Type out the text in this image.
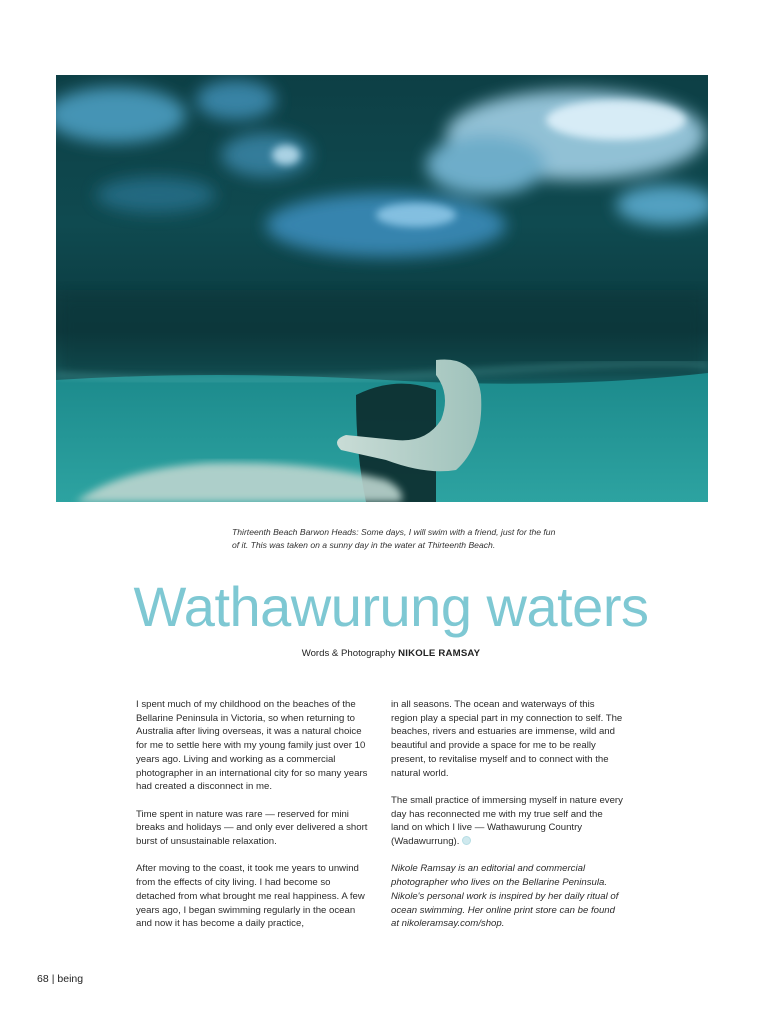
Thirteenth Beach Barwon Heads: Some days, I will swim with a friend, just for the fun of it. This was taken on a sunny day in the water at Thirteenth Beach.
Wathawurung waters
Words & Photography NIKOLE RAMSAY

I spent much of my childhood on the beaches of the Bellarine Peninsula in Victoria, so when returning to Australia after living overseas, it was a natural choice for me to settle here with my young family just over 10 years ago. Living and working as a commercial photographer in an international city for so many years had created a disconnect in me.

Time spent in nature was rare — reserved for mini breaks and holidays — and only ever delivered a short burst of unsustainable relaxation.

After moving to the coast, it took me years to unwind from the effects of city living. I had become so detached from what brought me real happiness. A few years ago, I began swimming regularly in the ocean and now it has become a daily practice,

in all seasons. The ocean and waterways of this region play a special part in my connection to self. The beaches, rivers and estuaries are immense, wild and beautiful and provide a space for me to be really present, to revitalise myself and to connect with the natural world.

The small practice of immersing myself in nature every day has reconnected me with my true self and the land on which I live — Wathawurung Country (Wadawurrung).

Nikole Ramsay is an editorial and commercial photographer who lives on the Bellarine Peninsula. Nikole's personal work is inspired by her daily ritual of ocean swimming. Her online print store can be found at nikoleramsay.com/shop.

68 | being
